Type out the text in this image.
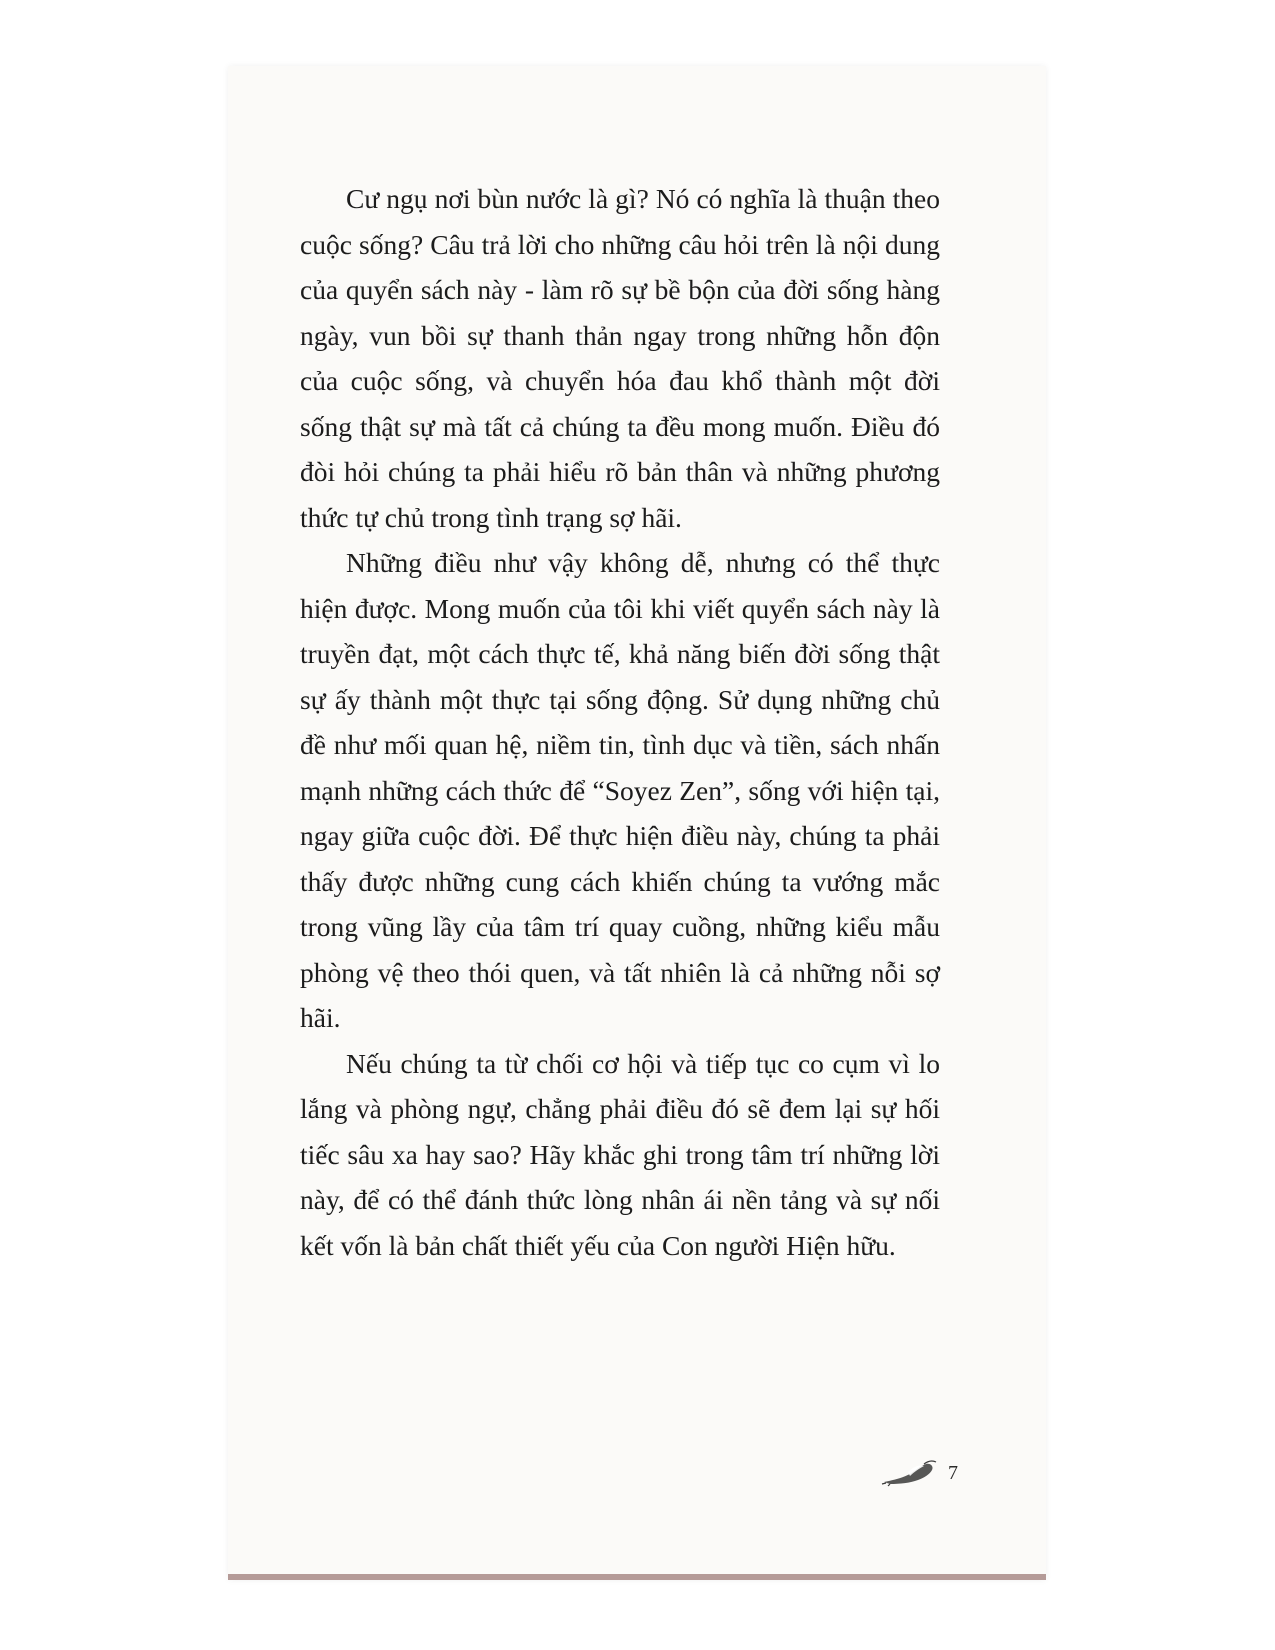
Cư ngụ nơi bùn nước là gì? Nó có nghĩa là thuận theo cuộc sống? Câu trả lời cho những câu hỏi trên là nội dung của quyển sách này - làm rõ sự bề bộn của đời sống hàng ngày, vun bồi sự thanh thản ngay trong những hỗn độn của cuộc sống, và chuyển hóa đau khổ thành một đời sống thật sự mà tất cả chúng ta đều mong muốn. Điều đó đòi hỏi chúng ta phải hiểu rõ bản thân và những phương thức tự chủ trong tình trạng sợ hãi.

Những điều như vậy không dễ, nhưng có thể thực hiện được. Mong muốn của tôi khi viết quyển sách này là truyền đạt, một cách thực tế, khả năng biến đời sống thật sự ấy thành một thực tại sống động. Sử dụng những chủ đề như mối quan hệ, niềm tin, tình dục và tiền, sách nhấn mạnh những cách thức để “Soyez Zen”, sống với hiện tại, ngay giữa cuộc đời. Để thực hiện điều này, chúng ta phải thấy được những cung cách khiến chúng ta vướng mắc trong vũng lầy của tâm trí quay cuồng, những kiểu mẫu phòng vệ theo thói quen, và tất nhiên là cả những nỗi sợ hãi.

Nếu chúng ta từ chối cơ hội và tiếp tục co cụm vì lo lắng và phòng ngự, chẳng phải điều đó sẽ đem lại sự hối tiếc sâu xa hay sao? Hãy khắc ghi trong tâm trí những lời này, để có thể đánh thức lòng nhân ái nền tảng và sự nối kết vốn là bản chất thiết yếu của Con người Hiện hữu.

7
